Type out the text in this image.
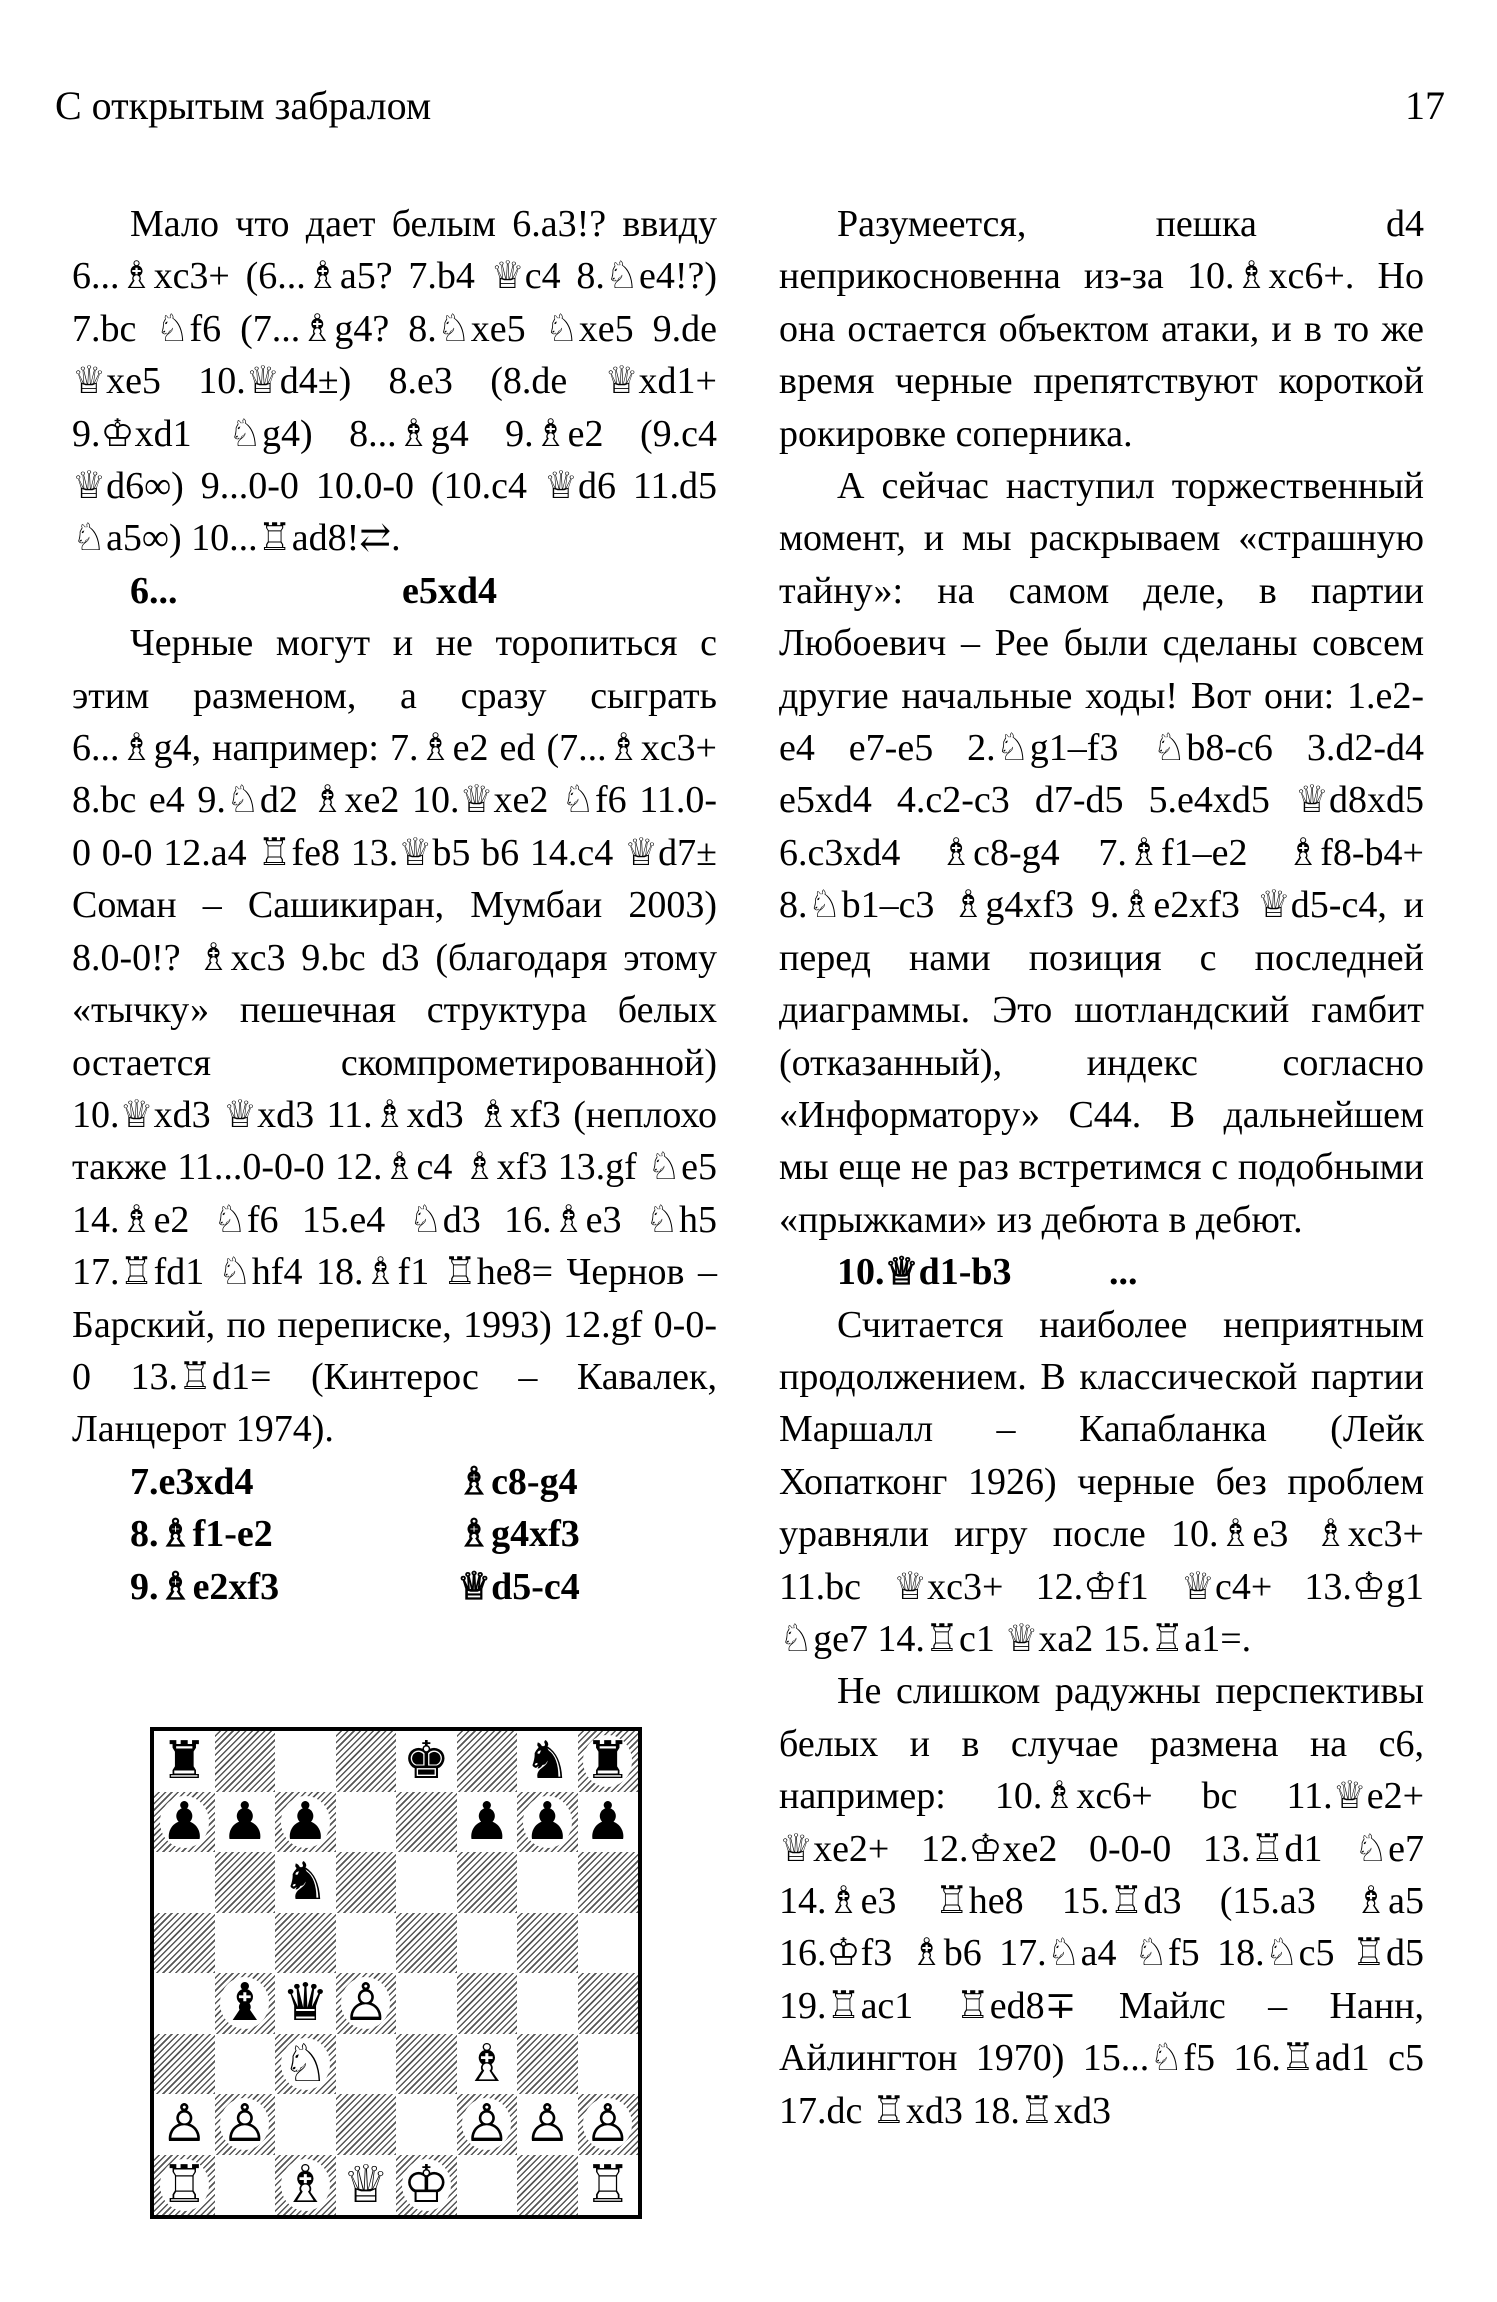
С открытым забралом	17

Мало что дает белым 6.a3!? ввиду 6...♗xc3+ (6...♗a5? 7.b4 ♕c4 8.♘e4!?) 7.bc ♘f6 (7...♗g4? 8.♘xe5 ♘xe5 9.de ♕xe5 10.♕d4±) 8.e3 (8.de ♕xd1+ 9.♔xd1 ♘g4) 8...♗g4 9.♗e2 (9.c4 ♕d6∞) 9...0-0 10.0-0 (10.c4 ♕d6 11.d5 ♘a5∞) 10...♖ad8!⇄.

6...	e5xd4

Черные могут и не торопиться с этим разменом, а сразу сыграть 6...♗g4, например: 7.♗e2 ed (7...♗xc3+ 8.bc e4 9.♘d2 ♗xe2 10.♕xe2 ♘f6 11.0-0 0-0 12.a4 ♖fe8 13.♕b5 b6 14.c4 ♕d7± Соман – Сашикиран, Мумбаи 2003) 8.0-0!? ♗xc3 9.bc d3 (благодаря этому «тычку» пешечная структура белых остается скомпрометированной) 10.♕xd3 ♕xd3 11.♗xd3 ♗xf3 (неплохо также 11...0-0-0 12.♗c4 ♗xf3 13.gf ♘e5 14.♗e2 ♘f6 15.e4 ♘d3 16.♗e3 ♘h5 17.♖fd1 ♘hf4 18.♗f1 ♖he8= Чернов – Барский, по переписке, 1993) 12.gf 0-0-0 13.♖d1= (Кинтерос – Кавалек, Ланцерот 1974).

7.e3xd4	♗c8-g4
8.♗f1-e2	♗g4xf3
9.♗e2xf3	♕d5-c4
♜	♚ ♞ ♜
♟ ♟ ♟	♟ ♟ ♟
♞
♝ ♛ ♙
♘	♗
♙ ♙	♙ ♙ ♙
♖ ♗ ♕ ♔	♖

Разумеется, пешка d4 неприкосновенна из-за 10.♗xc6+. Но она остается объектом атаки, и в то же время черные препятствуют короткой рокировке соперника.

А сейчас наступил торжественный момент, и мы раскрываем «страшную тайну»: на самом деле, в партии Любоевич – Рее были сделаны совсем другие начальные ходы! Вот они: 1.e2-e4 e7-e5 2.♘g1–f3 ♘b8-c6 3.d2-d4 e5xd4 4.c2-c3 d7-d5 5.e4xd5 ♕d8xd5 6.c3xd4 ♗c8-g4 7.♗f1–e2 ♗f8-b4+ 8.♘b1–c3 ♗g4xf3 9.♗e2xf3 ♕d5-c4, и перед нами позиция с последней диаграммы. Это шотландский гамбит (отказанный), индекс согласно «Информатору» C44. В дальнейшем мы еще не раз встретимся с подобными «прыжками» из дебюта в дебют.

10.♕d1-b3	...

Считается наиболее неприятным продолжением. В классической партии Маршалл – Капабланка (Лейк Хопатконг 1926) черные без проблем уравняли игру после 10.♗e3 ♗xc3+ 11.bc ♕xc3+ 12.♔f1 ♕c4+ 13.♔g1 ♘ge7 14.♖c1 ♕xa2 15.♖a1=.

Не слишком радужны перспективы белых и в случае размена на c6, например: 10.♗xc6+ bc 11.♕e2+ ♕xe2+ 12.♔xe2 0-0-0 13.♖d1 ♘e7 14.♗e3 ♖he8 15.♖d3 (15.a3 ♗a5 16.♔f3 ♗b6 17.♘a4 ♘f5 18.♘c5 ♖d5 19.♖ac1 ♖ed8∓ Майлс – Нанн, Айлингтон 1970) 15...♘f5 16.♖ad1 c5 17.dc ♖xd3 18.♖xd3
